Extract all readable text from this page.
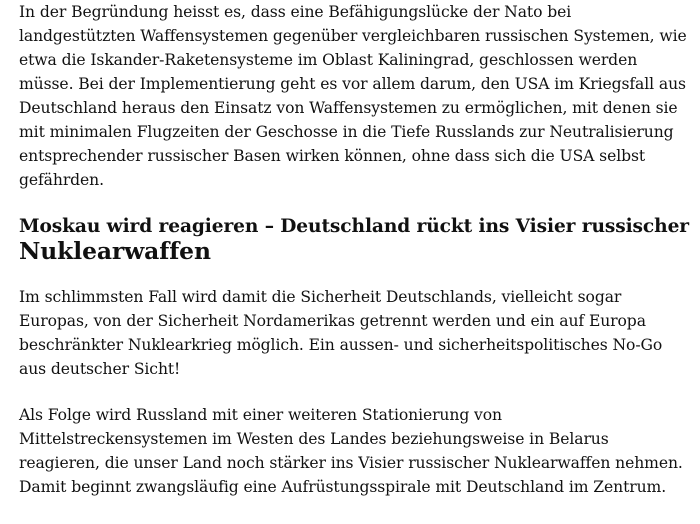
In der Begründung heisst es, dass eine Befähigungslücke der Nato bei
landgestützten Waffensystemen gegenüber vergleichbaren russischen Systemen, wie
etwa die Iskander-Raketensysteme im Oblast Kaliningrad, geschlossen werden
müsse. Bei der Implementierung geht es vor allem darum, den USA im Kriegsfall aus
Deutschland heraus den Einsatz von Waffensystemen zu ermöglichen, mit denen sie
mit minimalen Flugzeiten der Geschosse in die Tiefe Russlands zur Neutralisierung
entsprechender russischer Basen wirken können, ohne dass sich die USA selbst
gefährden.

Moskau wird reagieren – Deutschland rückt ins Visier russischer
Nuklearwaffen

Im schlimmsten Fall wird damit die Sicherheit Deutschlands, vielleicht sogar
Europas, von der Sicherheit Nordamerikas getrennt werden und ein auf Europa
beschränkter Nuklearkrieg möglich. Ein aussen- und sicherheitspolitisches No-Go
aus deutscher Sicht!

Als Folge wird Russland mit einer weiteren Stationierung von
Mittelstreckensystemen im Westen des Landes beziehungsweise in Belarus
reagieren, die unser Land noch stärker ins Visier russischer Nuklearwaffen nehmen.
Damit beginnt zwangsläufig eine Aufrüstungsspirale mit Deutschland im Zentrum.
